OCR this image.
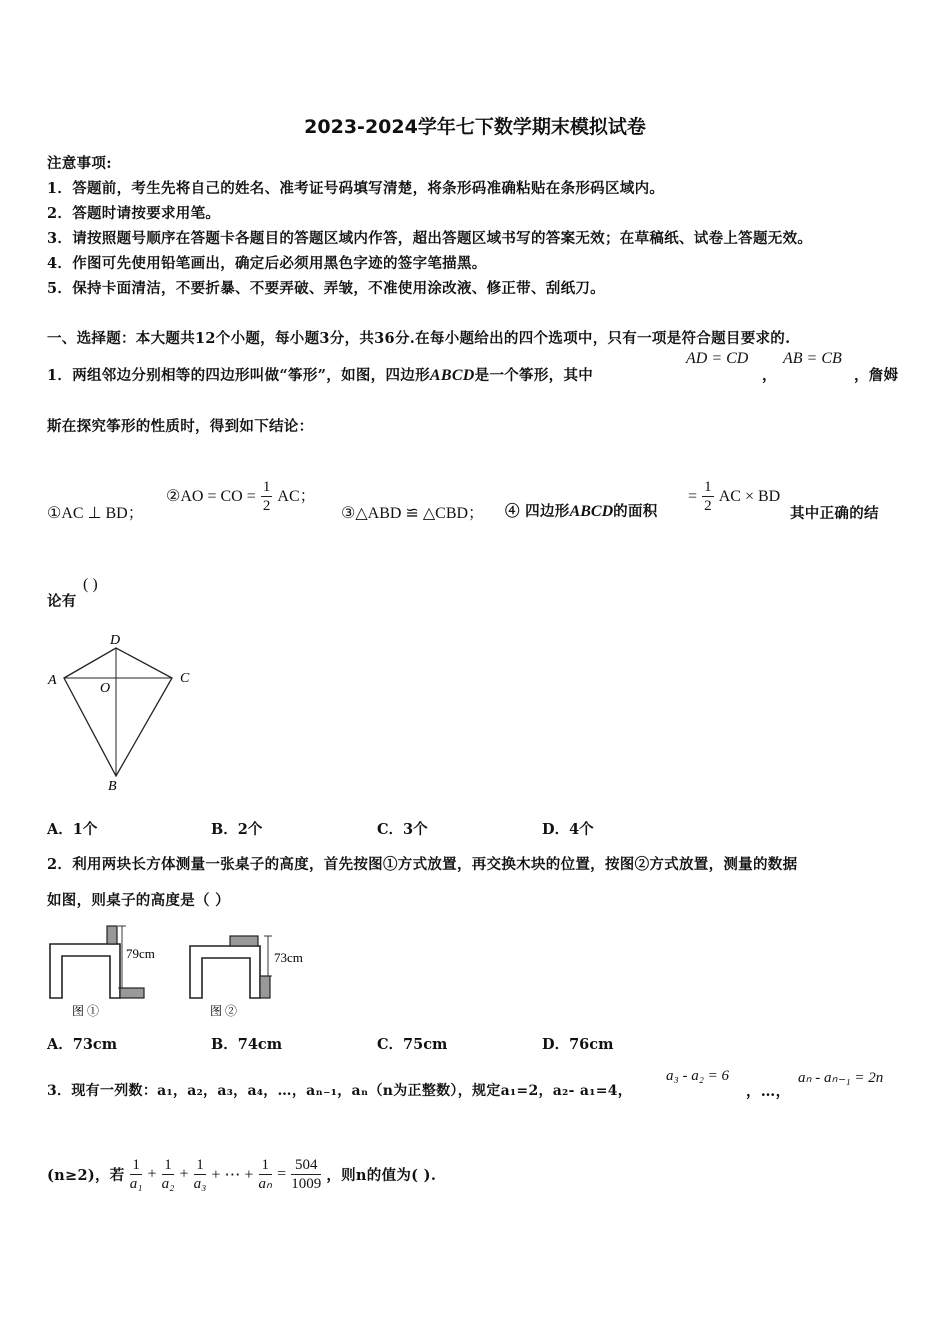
2023-2024学年七下数学期末模拟试卷
注意事项:
1．答题前，考生先将自己的姓名、准考证号码填写清楚，将条形码准确粘贴在条形码区域内。
2．答题时请按要求用笔。
3．请按照题号顺序在答题卡各题目的答题区域内作答，超出答题区域书写的答案无效；在草稿纸、试卷上答题无效。
4．作图可先使用铅笔画出，确定后必须用黑色字迹的签字笔描黑。
5．保持卡面清洁，不要折暴、不要弄破、弄皱，不准使用涂改液、修正带、刮纸刀。
一、选择题：本大题共12个小题，每小题3分，共36分.在每小题给出的四个选项中，只有一项是符合题目要求的.
1．两组邻边分别相等的四边形叫做“筝形”，如图，四边形ABCD是一个筝形，其中
AD = CD
，
AB = CB
，詹姆
斯在探究筝形的性质时，得到如下结论：
①AC ⊥ BD；
②AO = CO = $\frac{1}{2}$ AC；
③△ABD ≌ △CBD； ④ 四边形ABCD的面积
= $\frac{1}{2}$ AC × BD
其中正确的结
论有
( )
A
D
C
O
B
A．1个	B．2个	C．3个	D．4个
2．利用两块长方体测量一张桌子的高度，首先按图①方式放置，再交换木块的位置，按图②方式放置，测量的数据
如图，则桌子的高度是（ ）
79cm
图 ①
73cm
图 ②
A．73cm	B．74cm	C．75cm	D．76cm
3．现有一列数：a₁，a₂，a₃，a₄，…，aₙ₋₁，aₙ（n为正整数），规定a₁=2，a₂- a₁=4，
a₃ - a₂ = 6
，…，
aₙ - aₙ₋₁ = 2n
(n≥2)，若 $\frac{1}{\text{a₁}} + \frac{1}{\text{a₂}} + \frac{1}{\text{a₃}}$ + ⋯ + $\frac{1}{\text{aₙ}} = \frac{504}{1009}$ ，则n的值为( ).
